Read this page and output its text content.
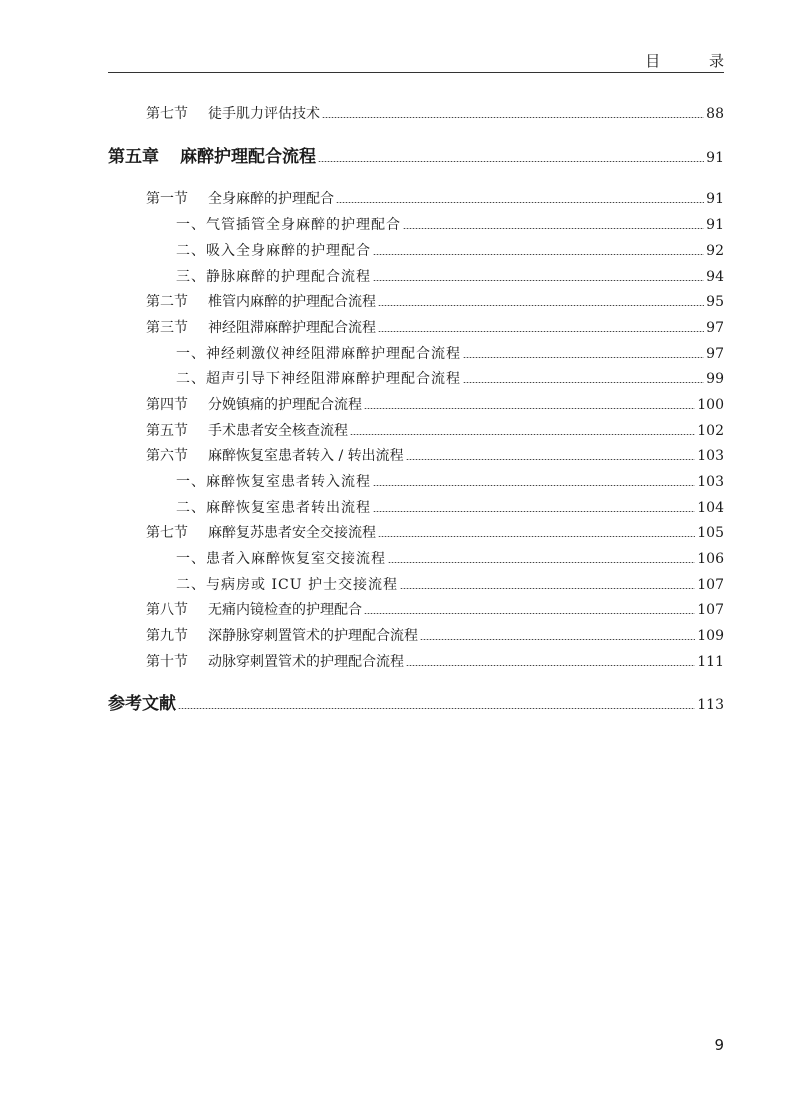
目 录
第七节 徒手肌力评估技术	88
第五章 麻醉护理配合流程	91
第一节 全身麻醉的护理配合	91
一、气管插管全身麻醉的护理配合	91
二、吸入全身麻醉的护理配合	92
三、静脉麻醉的护理配合流程	94
第二节 椎管内麻醉的护理配合流程	95
第三节 神经阻滞麻醉护理配合流程	97
一、神经刺激仪神经阻滞麻醉护理配合流程	97
二、超声引导下神经阻滞麻醉护理配合流程	99
第四节 分娩镇痛的护理配合流程	100
第五节 手术患者安全核查流程	102
第六节 麻醉恢复室患者转入 / 转出流程	103
一、麻醉恢复室患者转入流程	103
二、麻醉恢复室患者转出流程	104
第七节 麻醉复苏患者安全交接流程	105
一、患者入麻醉恢复室交接流程	106
二、与病房或 ICU 护士交接流程	107
第八节 无痛内镜检查的护理配合	107
第九节 深静脉穿刺置管术的护理配合流程	109
第十节 动脉穿刺置管术的护理配合流程	111
参考文献	113
9
